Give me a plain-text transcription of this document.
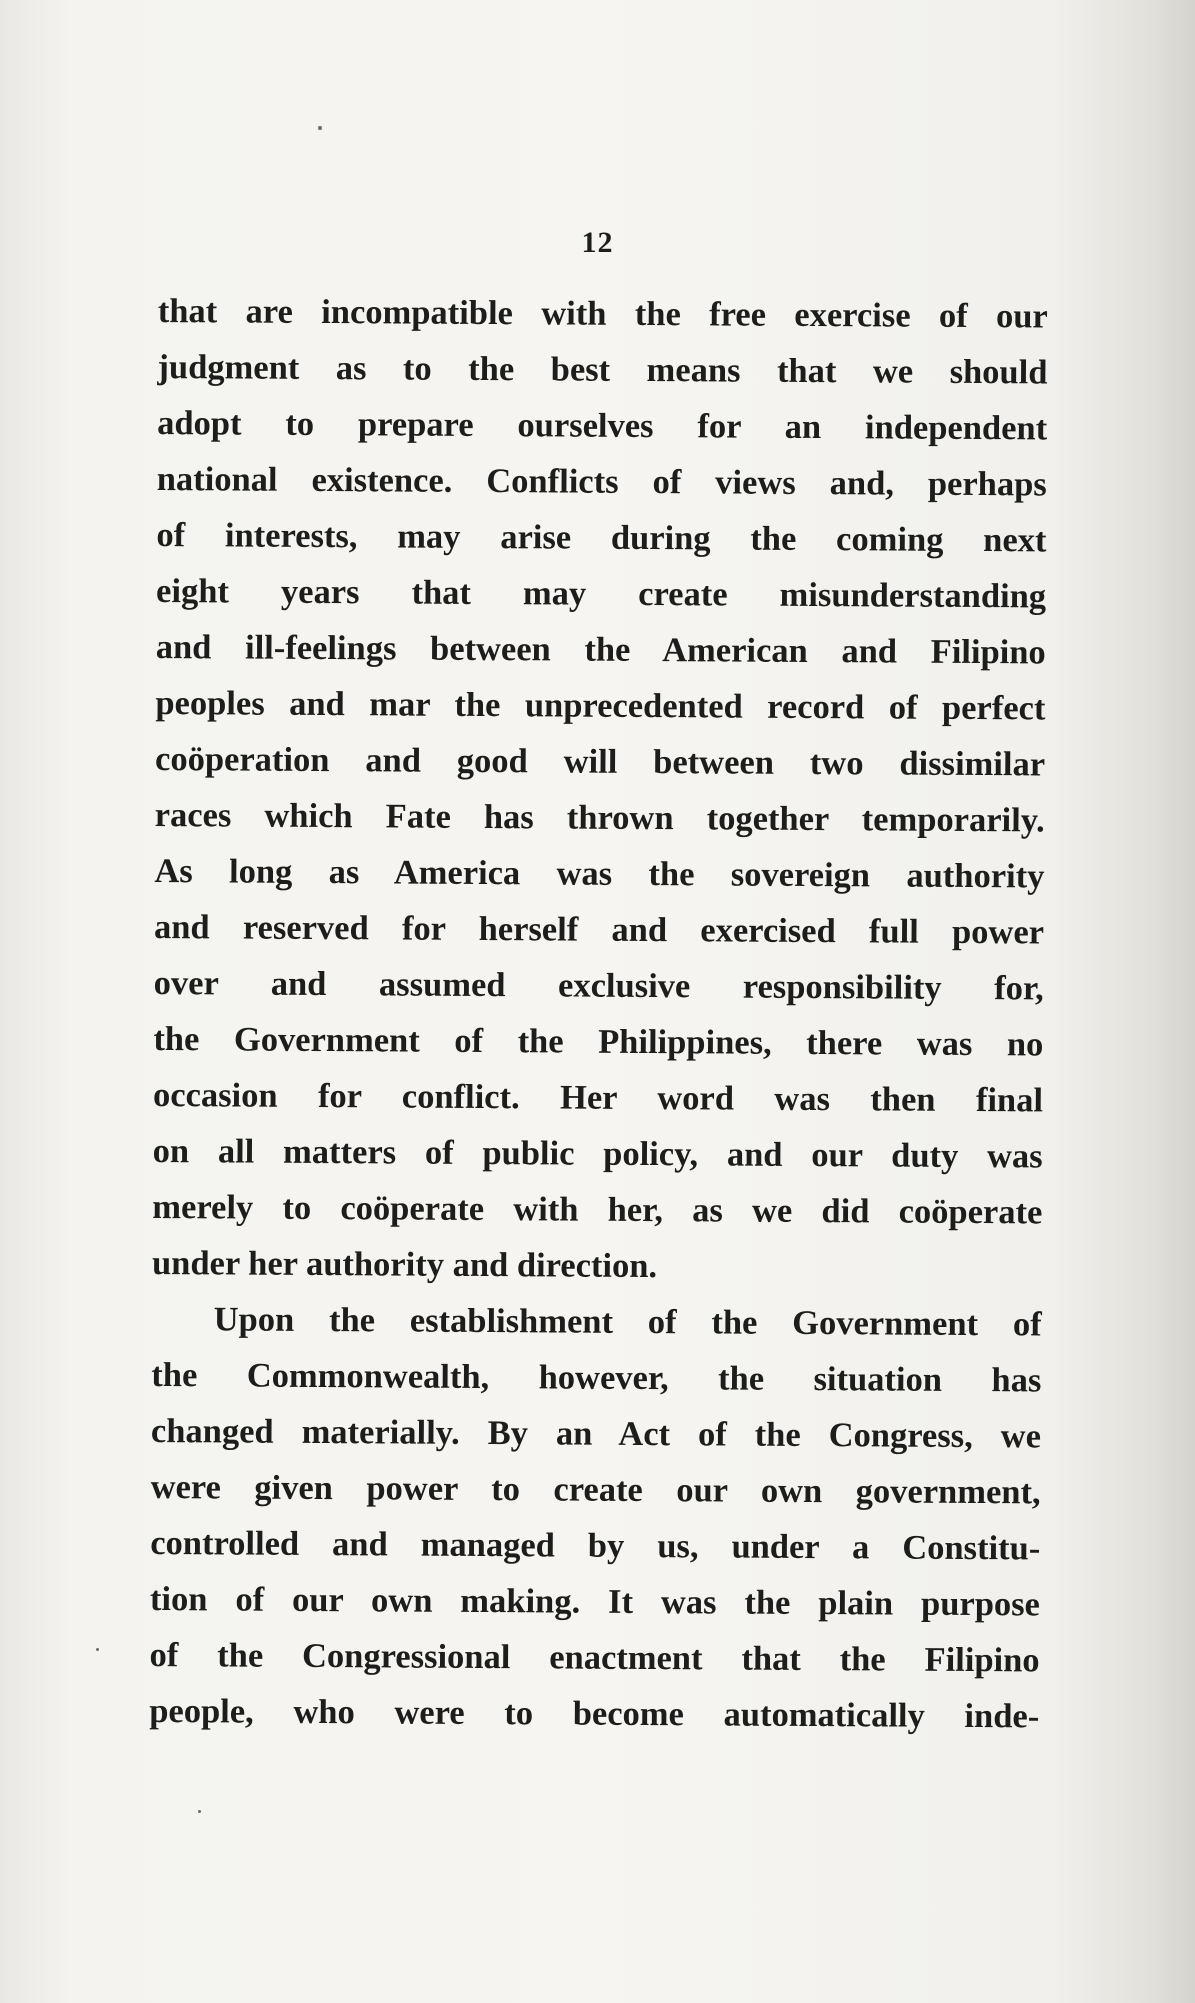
12
that are incompatible with the free exercise of our
judgment as to the best means that we should
adopt to prepare ourselves for an independent
national existence. Conflicts of views and, perhaps
of interests, may arise during the coming next
eight years that may create misunderstanding
and ill-feelings between the American and Filipino
peoples and mar the unprecedented record of perfect
coöperation and good will between two dissimilar
races which Fate has thrown together temporarily.
As long as America was the sovereign authority
and reserved for herself and exercised full power
over and assumed exclusive responsibility for,
the Government of the Philippines, there was no
occasion for conflict. Her word was then final
on all matters of public policy, and our duty was
merely to coöperate with her, as we did coöperate
under her authority and direction.
Upon the establishment of the Government of
the Commonwealth, however, the situation has
changed materially. By an Act of the Congress, we
were given power to create our own government,
controlled and managed by us, under a Constitu-
tion of our own making. It was the plain purpose
of the Congressional enactment that the Filipino
people, who were to become automatically inde-
